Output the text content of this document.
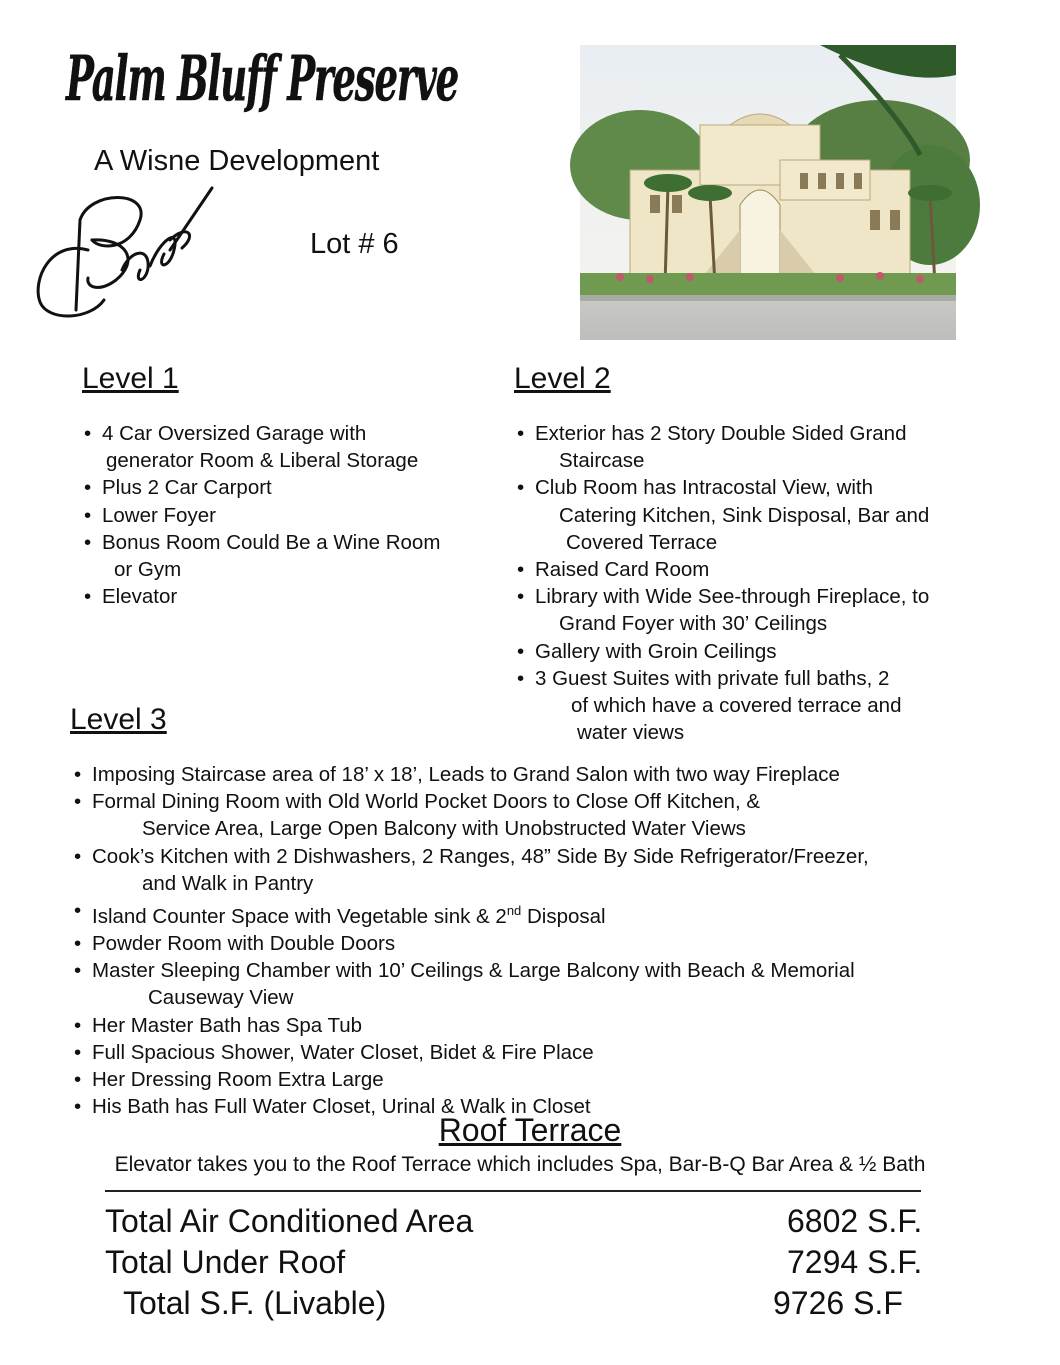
Palm Bluff Preserve
A Wisne Development
Lot # 6
Level 1
• 4 Car Oversized Garage with
generator Room & Liberal Storage
• Plus 2 Car Carport
• Lower Foyer
• Bonus Room Could Be a Wine Room
or Gym
• Elevator
Level 2
• Exterior has 2 Story Double Sided Grand
Staircase
• Club Room has Intracostal View, with
Catering Kitchen, Sink Disposal, Bar and
Covered Terrace
• Raised Card Room
• Library with Wide See-through Fireplace, to
Grand Foyer with 30’ Ceilings
• Gallery with Groin Ceilings
• 3 Guest Suites with private full baths, 2
of which have a covered terrace and
water views
Level 3
• Imposing Staircase area of 18’ x 18’, Leads to Grand Salon with two way Fireplace
• Formal Dining Room with Old World Pocket Doors to Close Off Kitchen, &
Service Area, Large Open Balcony with Unobstructed Water Views
• Cook’s Kitchen with 2 Dishwashers, 2 Ranges, 48” Side By Side Refrigerator/Freezer,
and Walk in Pantry
• Island Counter Space with Vegetable sink & 2nd Disposal
• Powder Room with Double Doors
• Master Sleeping Chamber with 10’ Ceilings & Large Balcony with Beach & Memorial
Causeway View
• Her Master Bath has Spa Tub
• Full Spacious Shower, Water Closet, Bidet & Fire Place
• Her Dressing Room Extra Large
• His Bath has Full Water Closet, Urinal & Walk in Closet
Roof Terrace
Elevator takes you to the Roof Terrace which includes Spa, Bar-B-Q Bar Area & ½ Bath
Total Air Conditioned Area	6802 S.F.
Total Under Roof	7294 S.F.
Total S.F. (Livable)	9726 S.F
